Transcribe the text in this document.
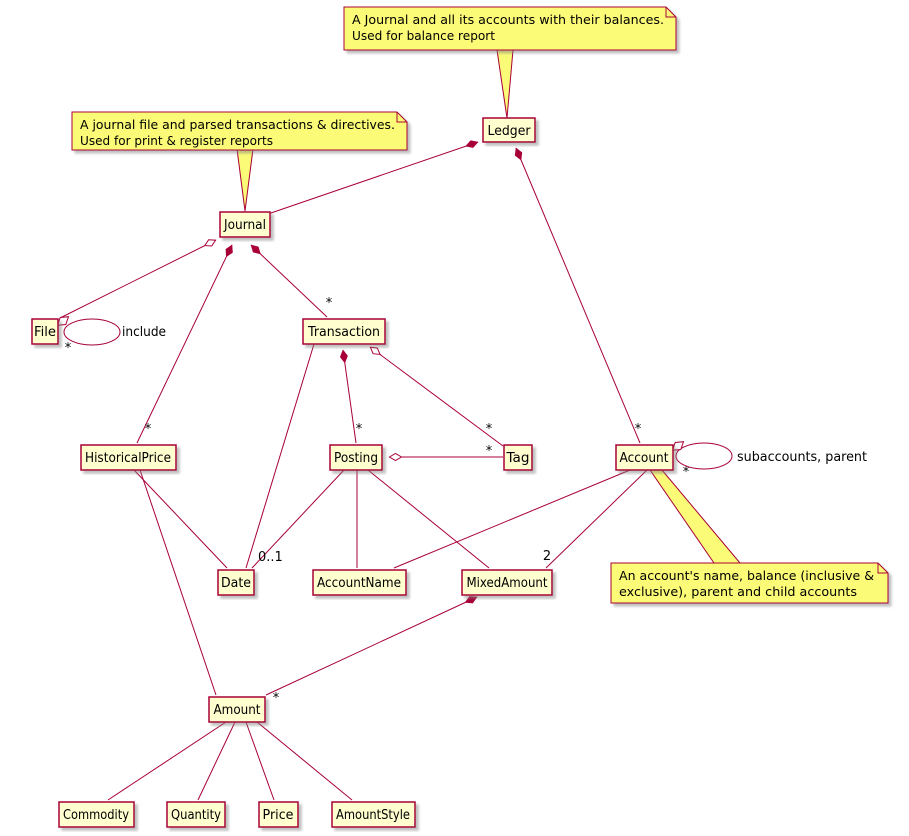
Ledger
Journal
File	Transaction
HistoricalPrice	Posting	Tag	Account
Date	AccountName	MixedAmount
Amount
Commodity	Quantity	Price	AmountStyle
A Journal and all its accounts with their balances.
Used for balance report
A journal file and parsed transactions & directives.
Used for print & register reports
An account's name, balance (inclusive &
exclusive), parent and child accounts
*
*
*
*	*
*
*
*
*
0..1	2
include
subaccounts, parent
